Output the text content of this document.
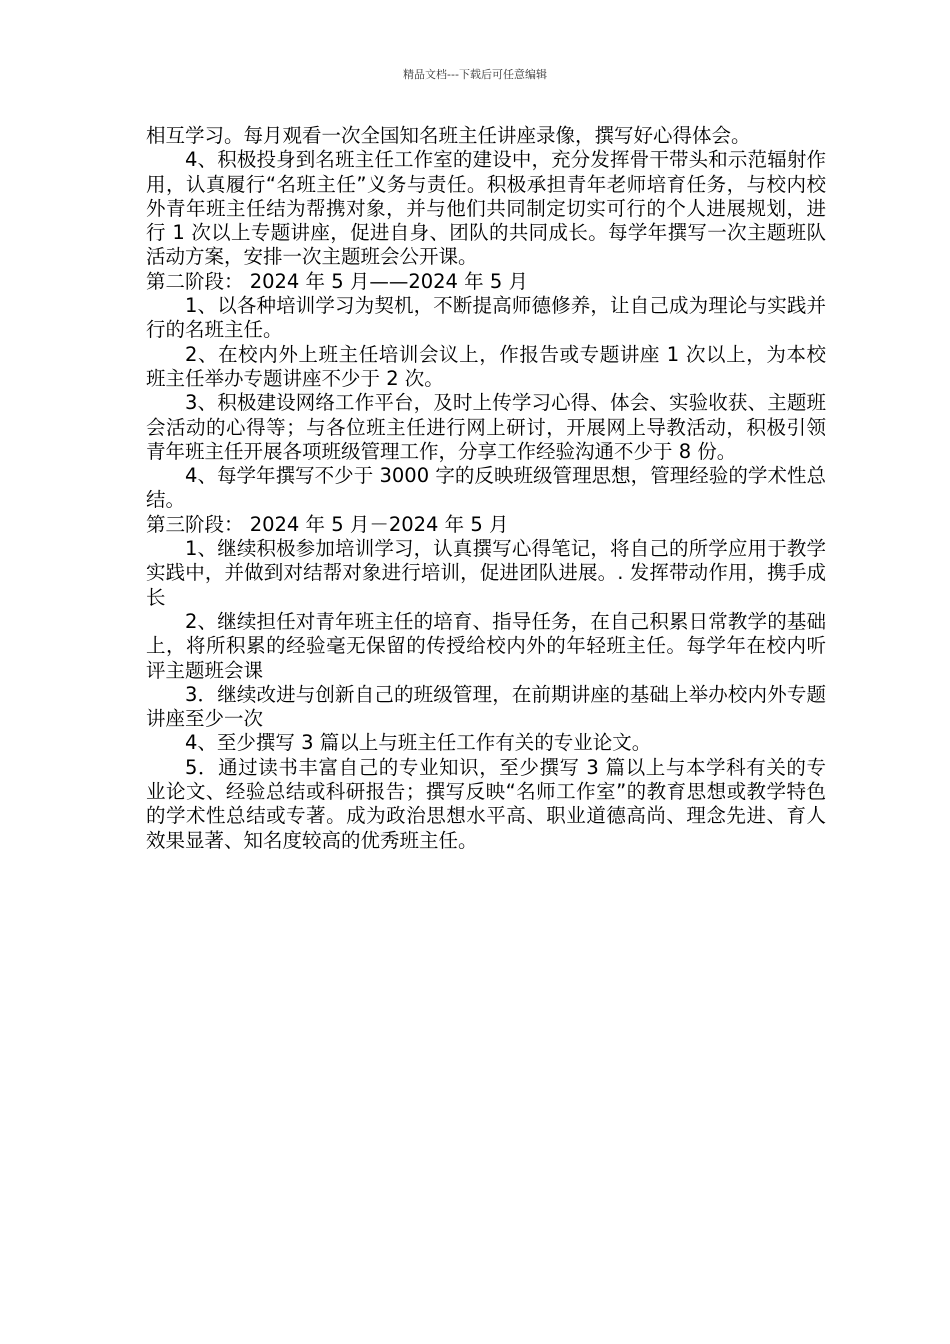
精品文档---下载后可任意编辑

相互学习。每月观看一次全国知名班主任讲座录像，撰写好心得体会。

4、积极投身到名班主任工作室的建设中，充分发挥骨干带头和示范辐射作用，认真履行“名班主任”义务与责任。积极承担青年老师培育任务，与校内校外青年班主任结为帮携对象，并与他们共同制定切实可行的个人进展规划，进行 1 次以上专题讲座，促进自身、团队的共同成长。每学年撰写一次主题班队活动方案，安排一次主题班会公开课。

第二阶段： 2024 年 5 月——2024 年 5 月

1、以各种培训学习为契机，不断提高师德修养，让自己成为理论与实践并行的名班主任。

2、在校内外上班主任培训会议上，作报告或专题讲座 1 次以上，为本校班主任举办专题讲座不少于 2 次。

3、积极建设网络工作平台，及时上传学习心得、体会、实验收获、主题班会活动的心得等；与各位班主任进行网上研讨，开展网上导教活动，积极引领青年班主任开展各项班级管理工作，分享工作经验沟通不少于 8 份。

4、每学年撰写不少于 3000 字的反映班级管理思想，管理经验的学术性总结。

第三阶段： 2024 年 5 月－2024 年 5 月

1、继续积极参加培训学习，认真撰写心得笔记，将自己的所学应用于教学实践中，并做到对结帮对象进行培训，促进团队进展。. 发挥带动作用，携手成长

2、继续担任对青年班主任的培育、指导任务，在自己积累日常教学的基础上，将所积累的经验毫无保留的传授给校内外的年轻班主任。每学年在校内听评主题班会课

3．继续改进与创新自己的班级管理，在前期讲座的基础上举办校内外专题讲座至少一次

4、至少撰写 3 篇以上与班主任工作有关的专业论文。

5．通过读书丰富自己的专业知识，至少撰写 3 篇以上与本学科有关的专业论文、经验总结或科研报告；撰写反映“名师工作室”的教育思想或教学特色的学术性总结或专著。成为政治思想水平高、职业道德高尚、理念先进、育人效果显著、知名度较高的优秀班主任。
